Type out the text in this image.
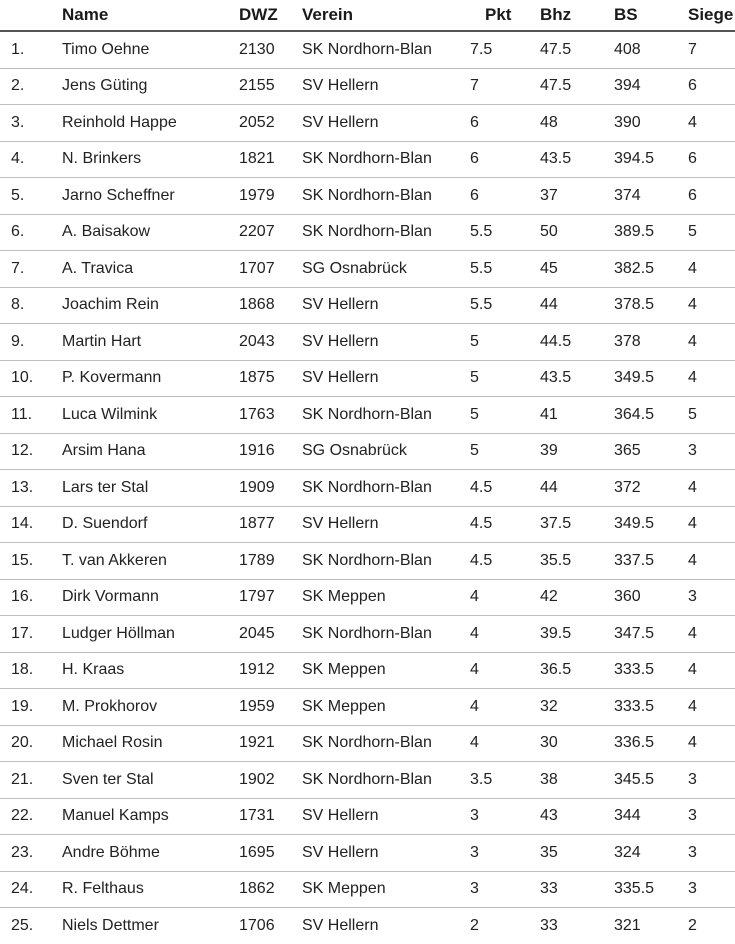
	Name	DWZ	Verein	Pkt	Bhz	BS	Siege
1.	Timo Oehne	2130	SK Nordhorn-Blan	7.5	47.5	408	7
2.	Jens Güting	2155	SV Hellern	7	47.5	394	6
3.	Reinhold Happe	2052	SV Hellern	6	48	390	4
4.	N. Brinkers	1821	SK Nordhorn-Blan	6	43.5	394.5	6
5.	Jarno Scheffner	1979	SK Nordhorn-Blan	6	37	374	6
6.	A. Baisakow	2207	SK Nordhorn-Blan	5.5	50	389.5	5
7.	A. Travica	1707	SG Osnabrück	5.5	45	382.5	4
8.	Joachim Rein	1868	SV Hellern	5.5	44	378.5	4
9.	Martin Hart	2043	SV Hellern	5	44.5	378	4
10.	P. Kovermann	1875	SV Hellern	5	43.5	349.5	4
11.	Luca Wilmink	1763	SK Nordhorn-Blan	5	41	364.5	5
12.	Arsim Hana	1916	SG Osnabrück	5	39	365	3
13.	Lars ter Stal	1909	SK Nordhorn-Blan	4.5	44	372	4
14.	D. Suendorf	1877	SV Hellern	4.5	37.5	349.5	4
15.	T. van Akkeren	1789	SK Nordhorn-Blan	4.5	35.5	337.5	4
16.	Dirk Vormann	1797	SK Meppen	4	42	360	3
17.	Ludger Höllman	2045	SK Nordhorn-Blan	4	39.5	347.5	4
18.	H. Kraas	1912	SK Meppen	4	36.5	333.5	4
19.	M. Prokhorov	1959	SK Meppen	4	32	333.5	4
20.	Michael Rosin	1921	SK Nordhorn-Blan	4	30	336.5	4
21.	Sven ter Stal	1902	SK Nordhorn-Blan	3.5	38	345.5	3
22.	Manuel Kamps	1731	SV Hellern	3	43	344	3
23.	Andre Böhme	1695	SV Hellern	3	35	324	3
24.	R. Felthaus	1862	SK Meppen	3	33	335.5	3
25.	Niels Dettmer	1706	SV Hellern	2	33	321	2
